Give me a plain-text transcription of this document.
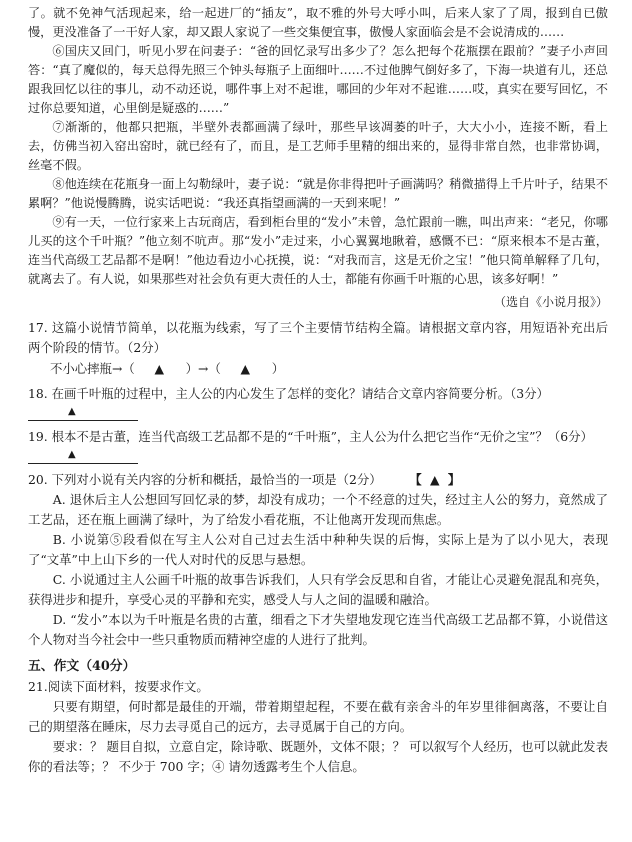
了。就不免神气活现起来，给一起进厂的“插友”，取不雅的外号大呼小叫，后来人家了了周，报到自已傲慢，更没准备了一干好人家，却又跟人家说了一些交集便宜事，傲慢人家面临会是不会说清成的……

⑥国庆又回门，听见小罗在问妻子：“爸的回忆录写出多少了？怎么把每个花瓶摆在跟前？”妻子小声回答：“真了魔似的，每天总得先照三个钟头每瓶子上面细叶……不过他脾气倒好多了，下海一块道有儿，还总跟我回忆以往的事儿，动不动还说，哪件事上对不起谁，哪回的少年对不起谁……哎，真实在要写回忆，不过你总要知道，心里倒是疑惑的……”

⑦渐渐的，他都只把瓶，半壁外表都画满了绿叶，那些早该凋萎的叶子，大大小小，连接不断，看上去，仿佛当初入窑出窑时，就已经有了，而且，是工艺师手里精的细出来的，显得非常自然，也非常协调，丝毫不假。

⑧他连续在花瓶身一面上勾勒绿叶，妻子说：“就是你非得把叶子画满吗？稍微描得上千片叶子，结果不累啊？”他说慢腾腾，说实话吧说：“我还真指望画满的一天到来呢！”

⑨有一天，一位行家来上古玩商店，看到柜台里的“发小”未曾，急忙跟前一瞧，叫出声来：“老兄，你哪儿买的这个千叶瓶？”他立刻不吭声。那“发小”走过来，小心翼翼地瞅着，感慨不已：“原来根本不是古董，连当代高级工艺品都不是啊！”他边看边小心抚摸，说：“对我而言，这是无价之宝！”他只简单解释了几句，就离去了。有人说，如果那些对社会负有更大责任的人士，都能有你画千叶瓶的心思，该多好啊！”

（选自《小说月报》）

17. 这篇小说情节简单，以花瓶为线索，写了三个主要情节结构全篇。请根据文章内容，用短语补充出后两个阶段的情节。（2分）

不小心摔瓶→（ ▲ ）→（ ▲ ）

18. 在画千叶瓶的过程中，主人公的内心发生了怎样的变化？请结合文章内容简要分析。（3分）

▲

19. 根本不是古董，连当代高级工艺品都不是的“千叶瓶”，主人公为什么把它当作“无价之宝”？（6分）

▲

20. 下列对小说有关内容的分析和概括，最恰当的一项是（2分） 【 ▲ 】

A. 退休后主人公想回写回忆录的梦，却没有成功；一个不经意的过失，经过主人公的努力，竟然成了工艺品，还在瓶上画满了绿叶，为了给发小看花瓶，不让他离开发现而焦虑。

B. 小说第⑤段看似在写主人公对自己过去生活中种种失误的后悔，实际上是为了以小见大，表现了“文革”中上山下乡的一代人对时代的反思与悬想。

C. 小说通过主人公画千叶瓶的故事告诉我们，人只有学会反思和自省，才能让心灵避免混乱和亮奂，获得进步和提升，享受心灵的平静和充实，感受人与人之间的温暖和融洽。

D. “发小”本以为千叶瓶是名贵的古董，细看之下才失望地发现它连当代高级工艺品都不算，小说借这个人物对当今社会中一些只重物质而精神空虚的人进行了批判。

五、作文（40分）

21.阅读下面材料，按要求作文。

只要有期望，何时都是最佳的开端，带着期望起程，不要在截有亲舍斗的年岁里徘徊离落，不要让自己的期望落在睡床，尽力去寻觅自己的远方，去寻觅属于自己的方向。

要求：？ 题目自拟，立意自定，除诗歌、既题外，文体不限；？ 可以叙写个人经历，也可以就此发表你的看法等；？ 不少于 700 字；④ 请勿透露考生个人信息。
